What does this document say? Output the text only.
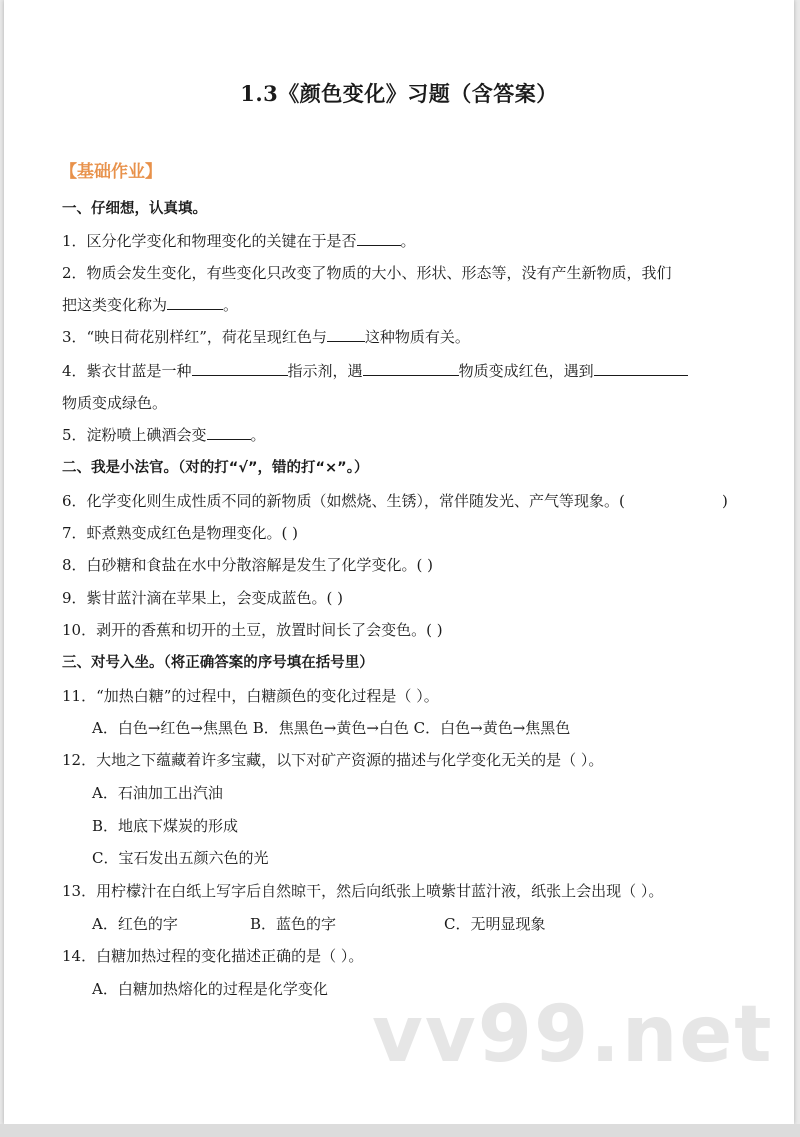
1.3《颜色变化》习题（含答案）
【基础作业】
一、仔细想，认真填。
1．区分化学变化和物理变化的关键在于是否	。
2．物质会发生变化，有些变化只改变了物质的大小、形状、形态等，没有产生新物质，我们
把这类变化称为	。
3．“映日荷花别样红”，荷花呈现红色与	这种物质有关。
4．紫衣甘蓝是一种	指示剂，遇	物质变成红色，遇到
物质变成绿色。
5．淀粉喷上碘酒会变	。
二、我是小法官。（对的打“√”，错的打“×”。）
6．化学变化则生成性质不同的新物质（如燃烧、生锈），常伴随发光、产气等现象。(	)
7．虾煮熟变成红色是物理变化。( )
8．白砂糖和食盐在水中分散溶解是发生了化学变化。( )
9．紫甘蓝汁滴在苹果上，会变成蓝色。( )
10．剥开的香蕉和切开的土豆，放置时间长了会变色。( )
三、对号入坐。（将正确答案的序号填在括号里）
11．“加热白糖”的过程中，白糖颜色的变化过程是（ ）。
A．白色→红色→焦黑色 B．焦黑色→黄色→白色 C．白色→黄色→焦黑色
12．大地之下蕴藏着许多宝藏，以下对矿产资源的描述与化学变化无关的是（ ）。
A．石油加工出汽油
B．地底下煤炭的形成
C．宝石发出五颜六色的光
13．用柠檬汁在白纸上写字后自然晾干，然后向纸张上喷紫甘蓝汁液，纸张上会出现（ ）。
A．红色的字	B．蓝色的字	C．无明显现象
14．白糖加热过程的变化描述正确的是（ ）。
A．白糖加热熔化的过程是化学变化
vv99.net
